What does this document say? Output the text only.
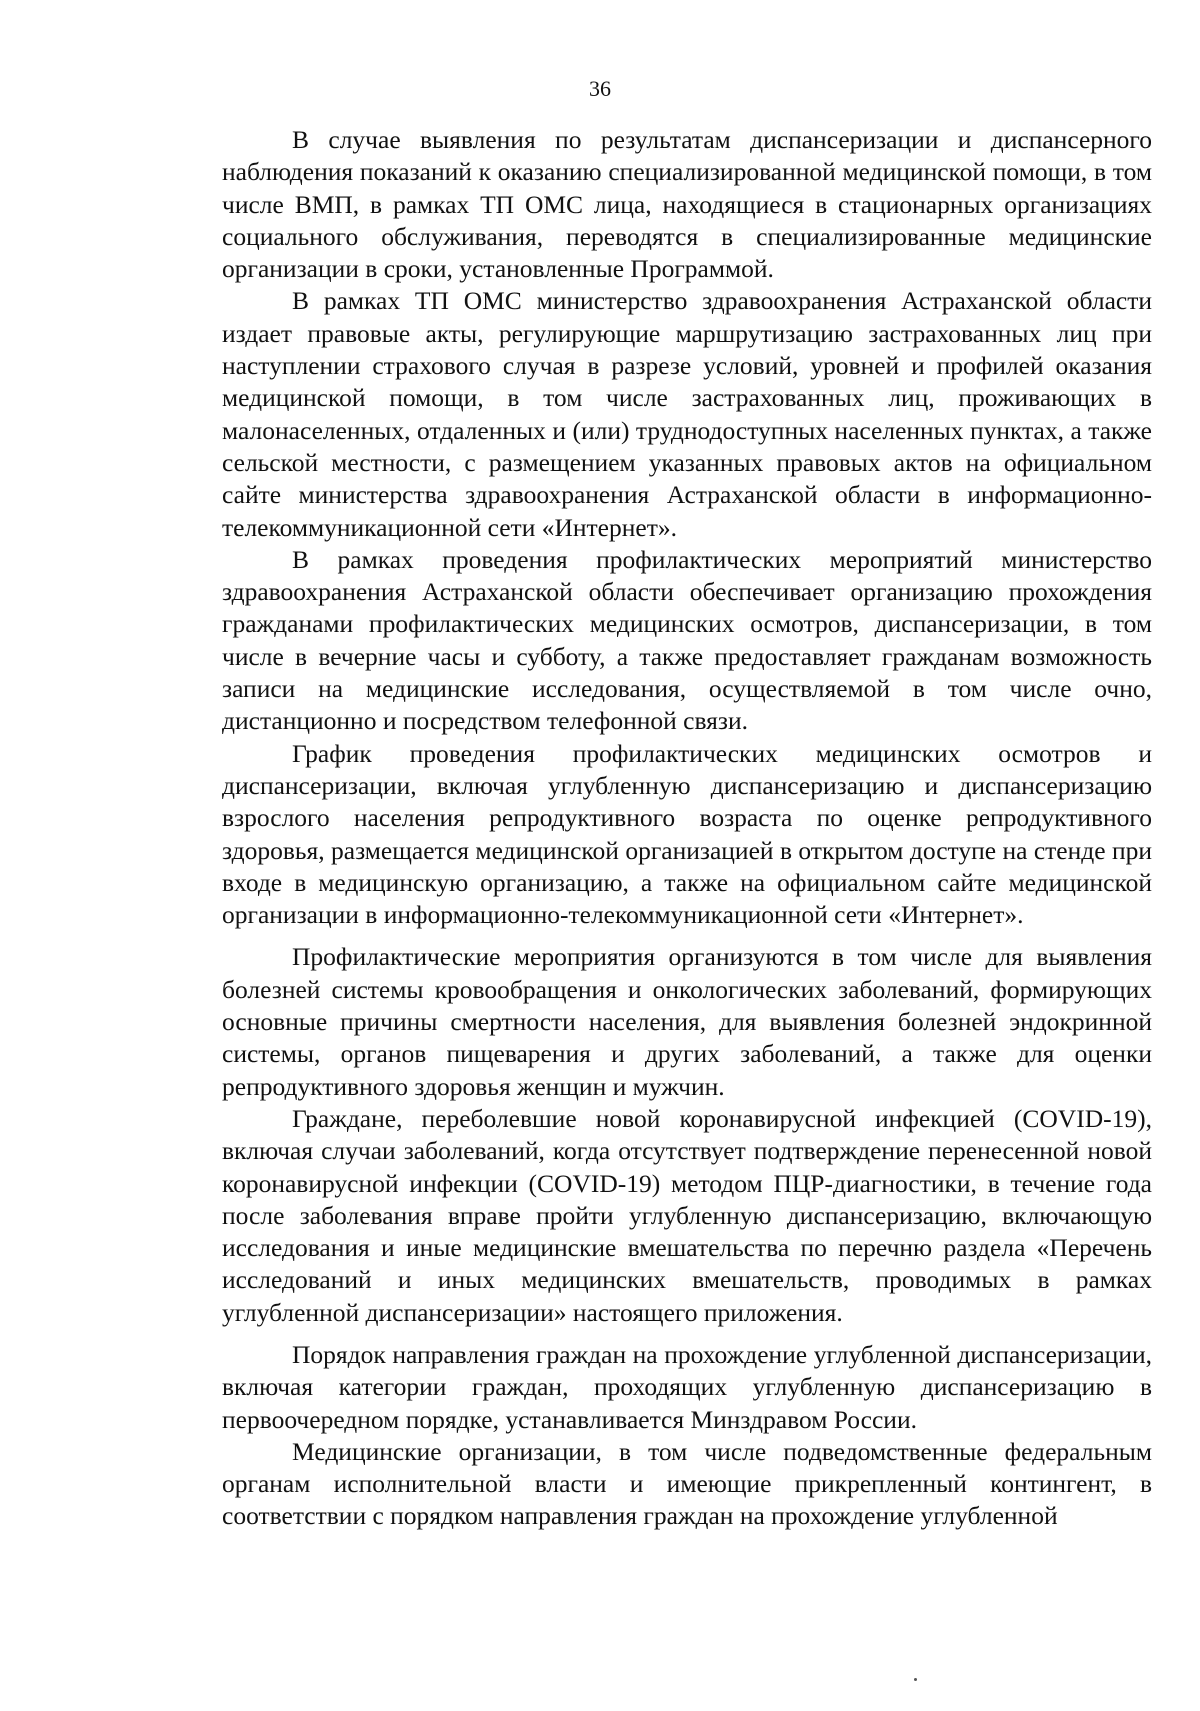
36

В случае выявления по результатам диспансеризации и диспансерного наблюдения показаний к оказанию специализированной медицинской помощи, в том числе ВМП, в рамках ТП ОМС лица, находящиеся в стационарных организациях социального обслуживания, переводятся в специализированные медицинские организации в сроки, установленные Программой.

В рамках ТП ОМС министерство здравоохранения Астраханской области издает правовые акты, регулирующие маршрутизацию застрахованных лиц при наступлении страхового случая в разрезе условий, уровней и профилей оказания медицинской помощи, в том числе застрахованных лиц, проживающих в малонаселенных, отдаленных и (или) труднодоступных населенных пунктах, а также сельской местности, с размещением указанных правовых актов на официальном сайте министерства здравоохранения Астраханской области в информационно-телекоммуникационной сети «Интернет».

В рамках проведения профилактических мероприятий министерство здравоохранения Астраханской области обеспечивает организацию прохождения гражданами профилактических медицинских осмотров, диспансеризации, в том числе в вечерние часы и субботу, а также предоставляет гражданам возможность записи на медицинские исследования, осуществляемой в том числе очно, дистанционно и посредством телефонной связи.

График проведения профилактических медицинских осмотров и диспансеризации, включая углубленную диспансеризацию и диспансеризацию взрослого населения репродуктивного возраста по оценке репродуктивного здоровья, размещается медицинской организацией в открытом доступе на стенде при входе в медицинскую организацию, а также на официальном сайте медицинской организации в информационно-телекоммуникационной сети «Интернет».

Профилактические мероприятия организуются в том числе для выявления болезней системы кровообращения и онкологических заболеваний, формирующих основные причины смертности населения, для выявления болезней эндокринной системы, органов пищеварения и других заболеваний, а также для оценки репродуктивного здоровья женщин и мужчин.

Граждане, переболевшие новой коронавирусной инфекцией (COVID-19), включая случаи заболеваний, когда отсутствует подтверждение перенесенной новой коронавирусной инфекции (COVID-19) методом ПЦР-диагностики, в течение года после заболевания вправе пройти углубленную диспансеризацию, включающую исследования и иные медицинские вмешательства по перечню раздела «Перечень исследований и иных медицинских вмешательств, проводимых в рамках углубленной диспансеризации» настоящего приложения.

Порядок направления граждан на прохождение углубленной диспансеризации, включая категории граждан, проходящих углубленную диспансеризацию в первоочередном порядке, устанавливается Минздравом России.

Медицинские организации, в том числе подведомственные федеральным органам исполнительной власти и имеющие прикрепленный контингент, в соответствии с порядком направления граждан на прохождение углубленной
